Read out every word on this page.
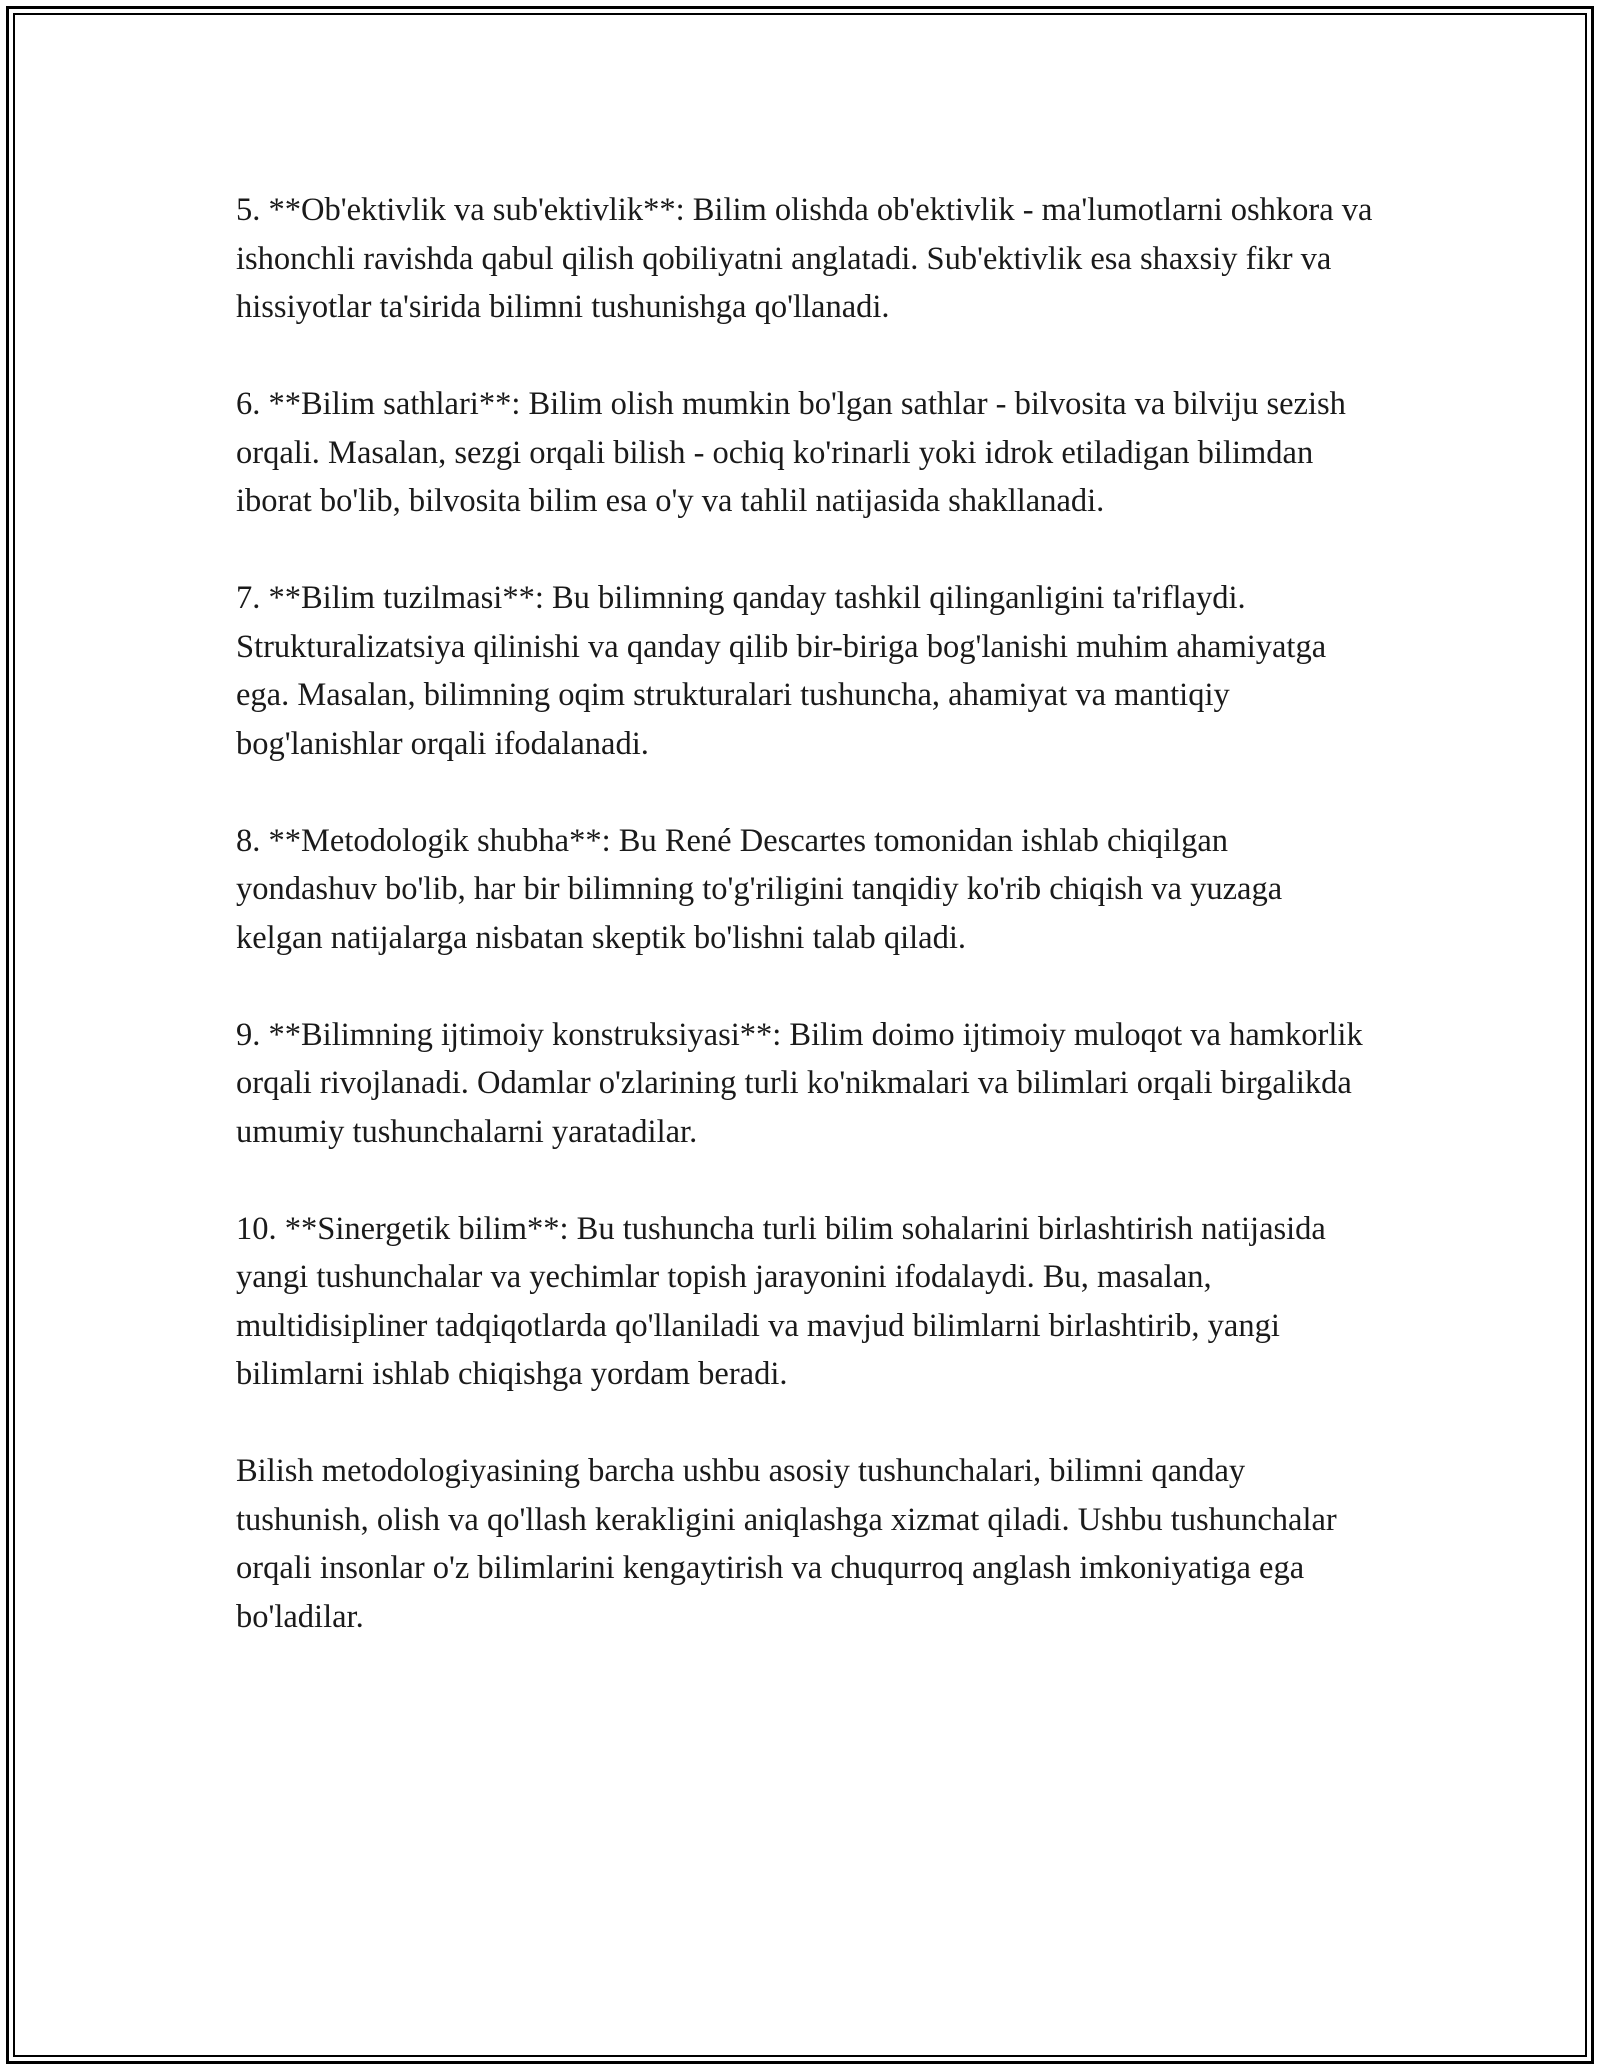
5. **Ob'ektivlik va sub'ektivlik**: Bilim olishda ob'ektivlik - ma'lumotlarni oshkora va ishonchli ravishda qabul qilish qobiliyatni anglatadi. Sub'ektivlik esa shaxsiy fikr va hissiyotlar ta'sirida bilimni tushunishga qo'llanadi.

6. **Bilim sathlari**: Bilim olish mumkin bo'lgan sathlar - bilvosita va bilviju sezish orqali. Masalan, sezgi orqali bilish - ochiq ko'rinarli yoki idrok etiladigan bilimdan iborat bo'lib, bilvosita bilim esa o'y va tahlil natijasida shakllanadi.

7. **Bilim tuzilmasi**: Bu bilimning qanday tashkil qilinganligini ta'riflaydi. Strukturalizatsiya qilinishi va qanday qilib bir-biriga bog'lanishi muhim ahamiyatga ega. Masalan, bilimning oqim strukturalari tushuncha, ahamiyat va mantiqiy bog'lanishlar orqali ifodalanadi.

8. **Metodologik shubha**: Bu René Descartes tomonidan ishlab chiqilgan yondashuv bo'lib, har bir bilimning to'g'riligini tanqidiy ko'rib chiqish va yuzaga kelgan natijalarga nisbatan skeptik bo'lishni talab qiladi.

9. **Bilimning ijtimoiy konstruksiyasi**: Bilim doimo ijtimoiy muloqot va hamkorlik orqali rivojlanadi. Odamlar o'zlarining turli ko'nikmalari va bilimlari orqali birgalikda umumiy tushunchalarni yaratadilar.

10. **Sinergetik bilim**: Bu tushuncha turli bilim sohalarini birlashtirish natijasida yangi tushunchalar va yechimlar topish jarayonini ifodalaydi. Bu, masalan, multidisipliner tadqiqotlarda qo'llaniladi va mavjud bilimlarni birlashtirib, yangi bilimlarni ishlab chiqishga yordam beradi.

Bilish metodologiyasining barcha ushbu asosiy tushunchalari, bilimni qanday tushunish, olish va qo'llash kerakligini aniqlashga xizmat qiladi. Ushbu tushunchalar orqali insonlar o'z bilimlarini kengaytirish va chuqurroq anglash imkoniyatiga ega bo'ladilar.
